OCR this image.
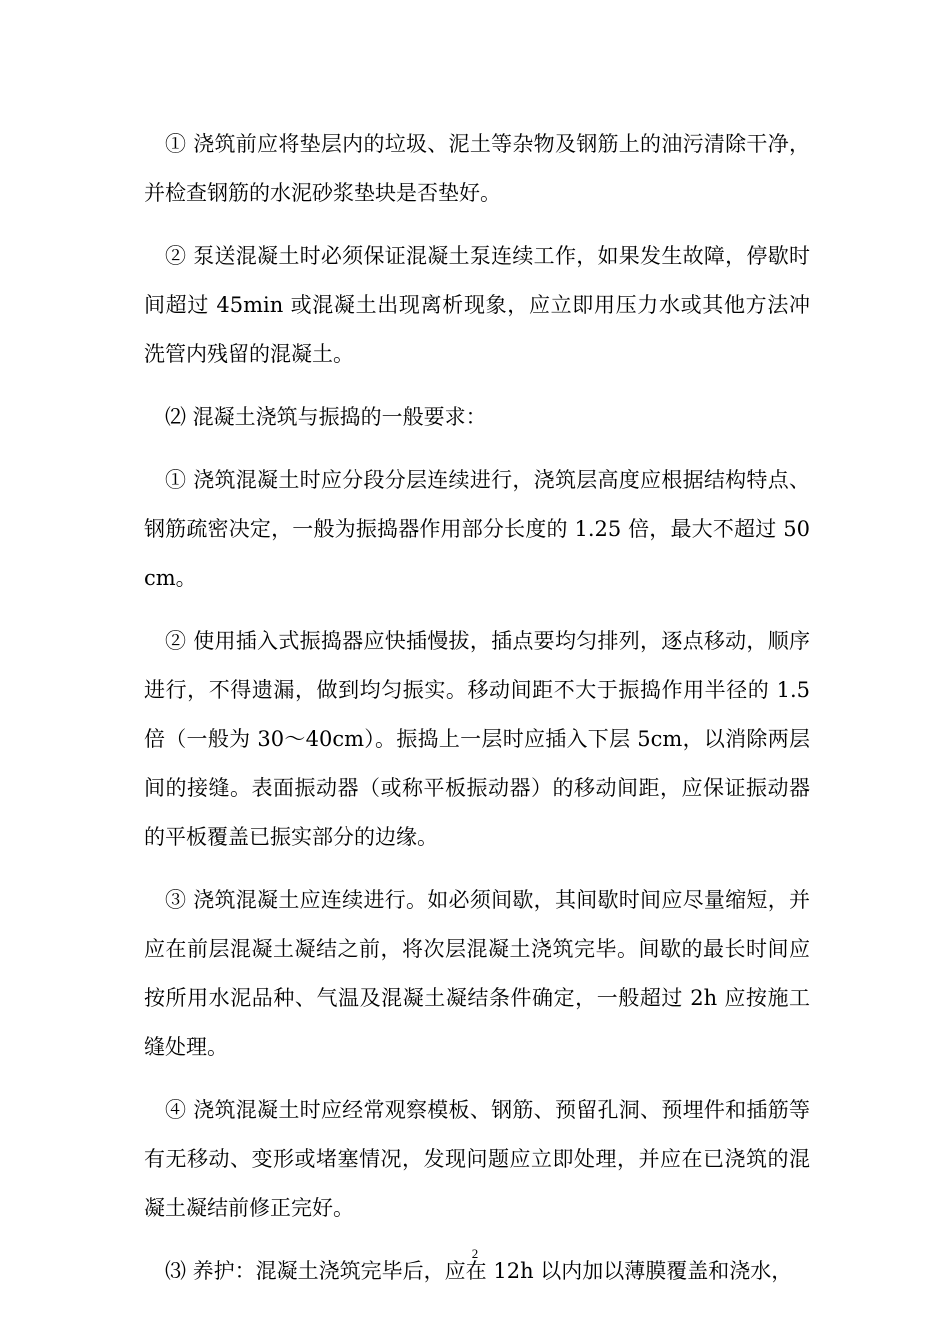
① 浇筑前应将垫层内的垃圾、泥土等杂物及钢筋上的油污清除干净，并检查钢筋的水泥砂浆垫块是否垫好。

② 泵送混凝土时必须保证混凝土泵连续工作，如果发生故障，停歇时间超过 45min 或混凝土出现离析现象，应立即用压力水或其他方法冲洗管内残留的混凝土。

⑵ 混凝土浇筑与振捣的一般要求：

① 浇筑混凝土时应分段分层连续进行，浇筑层高度应根据结构特点、钢筋疏密决定，一般为振捣器作用部分长度的 1.25 倍，最大不超过 50cm。

② 使用插入式振捣器应快插慢拔，插点要均匀排列，逐点移动，顺序进行，不得遗漏，做到均匀振实。移动间距不大于振捣作用半径的 1.5 倍（一般为 30～40cm）。振捣上一层时应插入下层 5cm，以消除两层间的接缝。表面振动器（或称平板振动器）的移动间距，应保证振动器的平板覆盖已振实部分的边缘。

③ 浇筑混凝土应连续进行。如必须间歇，其间歇时间应尽量缩短，并应在前层混凝土凝结之前，将次层混凝土浇筑完毕。间歇的最长时间应按所用水泥品种、气温及混凝土凝结条件确定，一般超过 2h 应按施工缝处理。

④ 浇筑混凝土时应经常观察模板、钢筋、预留孔洞、预埋件和插筋等有无移动、变形或堵塞情况，发现问题应立即处理，并应在已浇筑的混凝土凝结前修正完好。

⑶ 养护：混凝土浇筑完毕后，应在 12h 以内加以薄膜覆盖和浇水，

2
